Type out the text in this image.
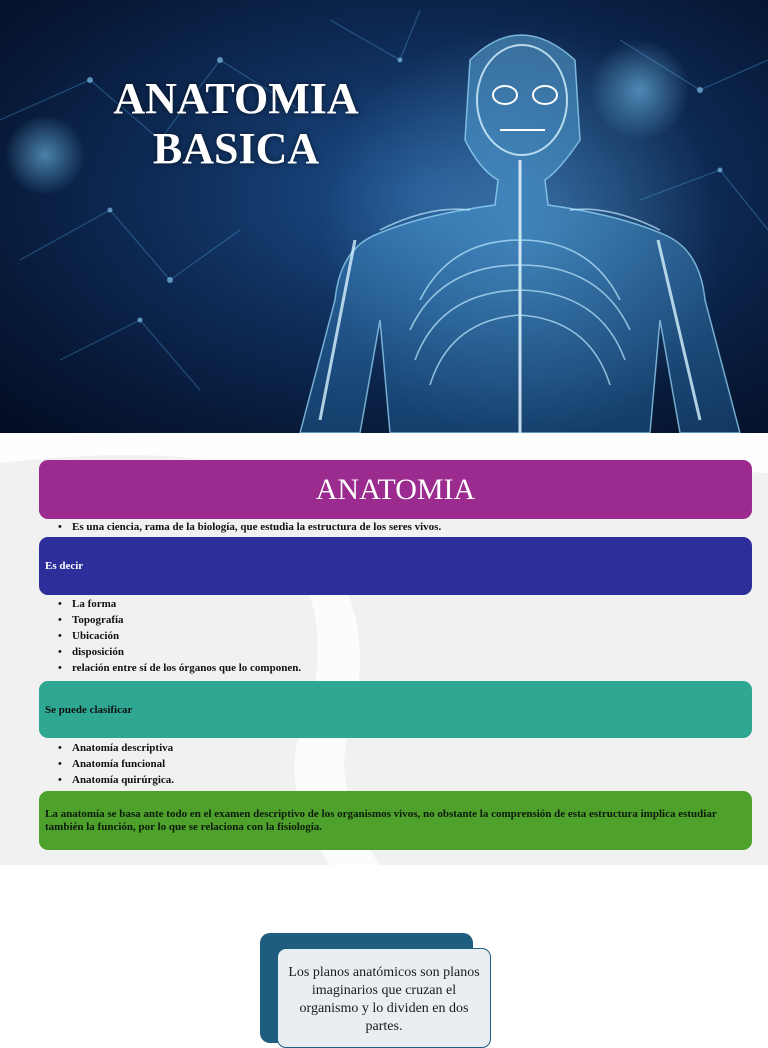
ANATOMIA
BASICA
ANATOMIA
• Es una ciencia, rama de la biología, que estudia la estructura de los seres vivos.
Es decir
• La forma
• Topografía
• Ubicación
• disposición
• relación entre sí de los órganos que lo componen.
Se puede clasificar
• Anatomía descriptiva
• Anatomía funcional
• Anatomía quirúrgica.
La anatomía se basa ante todo en el examen descriptivo de los organismos vivos, no obstante la comprensión de esta estructura implica estudiar también la función, por lo que se relaciona con la fisiología.
Los planos anatómicos son planos imaginarios que cruzan el organismo y lo dividen en dos partes.
